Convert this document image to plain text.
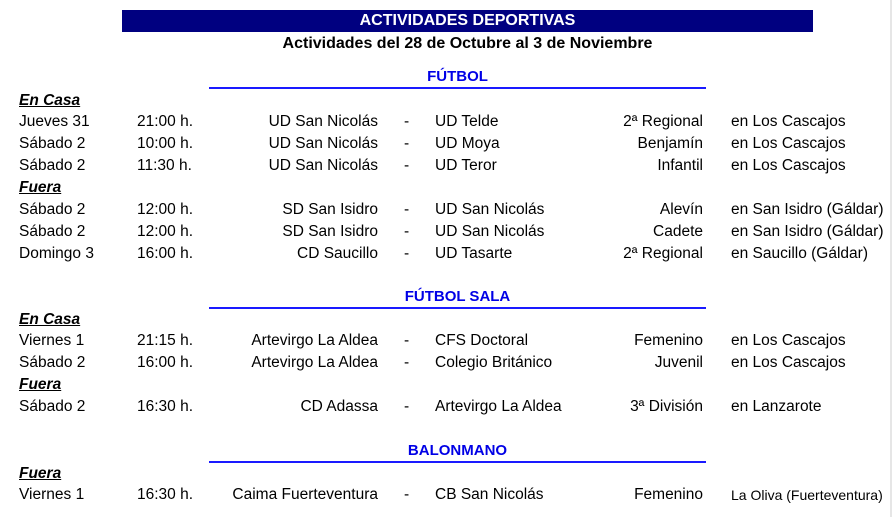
ACTIVIDADES DEPORTIVAS
Actividades del 28 de Octubre al 3 de Noviembre
FÚTBOL
En Casa
Jueves 31	21:00 h.	UD San Nicolás - UD Telde	2ª Regional en Los Cascajos
Sábado 2	10:00 h.	UD San Nicolás - UD Moya	Benjamín en Los Cascajos
Sábado 2	11:30 h.	UD San Nicolás - UD Teror	Infantil en Los Cascajos
Fuera
Sábado 2	12:00 h.	SD San Isidro - UD San Nicolás	Alevín en San Isidro (Gáldar)
Sábado 2	12:00 h.	SD San Isidro - UD San Nicolás	Cadete en San Isidro (Gáldar)
Domingo 3	16:00 h.	CD Saucillo - UD Tasarte	2ª Regional en Saucillo (Gáldar)
FÚTBOL SALA
En Casa
Viernes 1	21:15 h.	Artevirgo La Aldea - CFS Doctoral	Femenino en Los Cascajos
Sábado 2	16:00 h.	Artevirgo La Aldea - Colegio Británico	Juvenil en Los Cascajos
Fuera
Sábado 2	16:30 h.	CD Adassa - Artevirgo La Aldea	3ª División en Lanzarote
BALONMANO
Fuera
Viernes 1	16:30 h.	Caima Fuerteventura - CB San Nicolás	Femenino La Oliva (Fuerteventura)
